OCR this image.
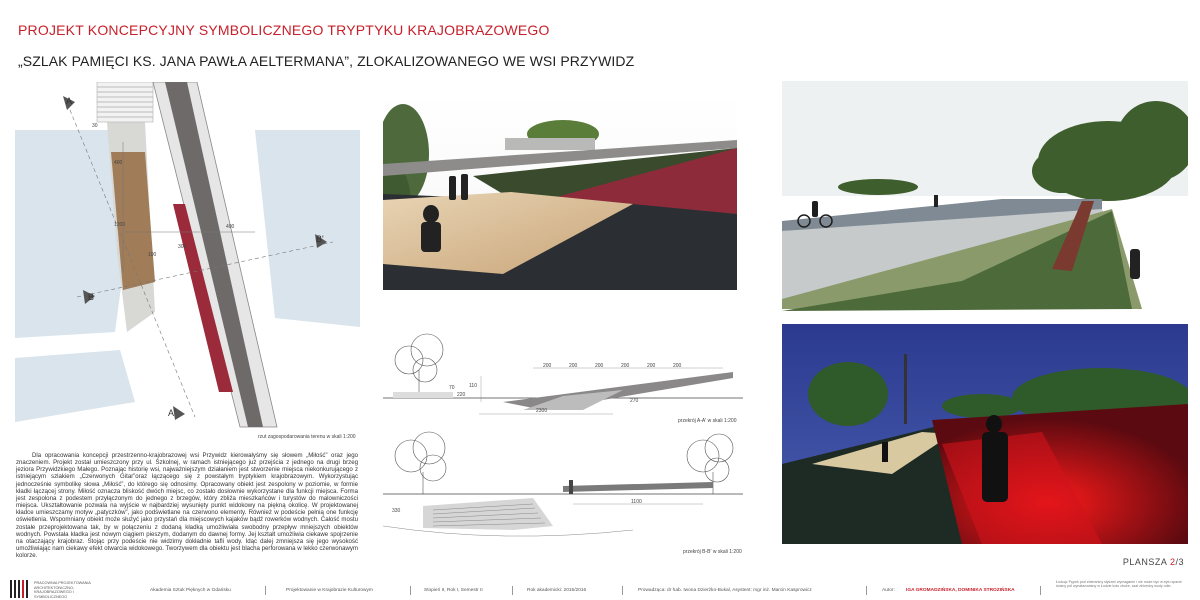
PROJEKT KONCEPCYJNY SYMBOLICZNEGO TRYPTYKU KRAJOBRAZOWEGO
„SZLAK PAMIĘCI KS. JANA PAWŁA AELTERMANA”, ZLOKALIZOWANEGO WE WSI PRZYWIDZ
A
B'
B
A'
30
400
1200	400
300
100
rzut zagospodarowania terenu w skali 1:200

Dla opracowania koncepcji przestrzenno-krajobrazowej wsi Przywidz kierowałyśmy się słowem „Miłość” oraz jego znaczeniem. Projekt został umieszczony przy ul. Szkolnej, w ramach istniejącego już przejścia z jednego na drugi brzeg jeziora Przywidzkiego Małego. Poznając historię wsi, najważniejszym działaniem jest stworzenie miejsca niekonkurującego z istniejącym szlakiem „Czerwonych Gitar”oraz łączącego się z powstałym tryptykiem krajobrazowym. Wykorzystując jednocześnie symbolikę słowa „Miłość”, do którego się odnosimy. Opracowany obiekt jest zespolony w poziomie, w formie kładki łączącej strony. Miłość oznacza bliskość dwóch miejsc, co zostało dosłownie wykorzystane dla funkcji miejsca. Forma jest zespolona z podestem przyłączonym do jednego z brzegów, który zbliża mieszkańców i turystów do malowniczości miejsca. Ukształtowanie pozwala na wyjście w najbardziej wysunięty punkt widokowy na piękną okolicę. W projektowanej kładce umieszczamy motyw „patyczków”, jako podświetlane na czerwono elementy. Również w podeście pełnią one funkcję oświetlenia. Wspomniany obiekt może służyć jako przystań dla miejscowych kajaków bądź rowerków wodnych. Całość mostu zostałe przeprojektowana tak, by w połączeniu z dodaną kładką umożliwiała swobodny przepływ mniejszych obiektów wodnych. Powstała kładka jest nowym ciągiem pieszym, dodanym do dawnej formy. Jej kształt umożliwia ciekawe spojrzenie na otaczający krajobraz. Stojąc przy podeście nie widzimy dokładnie tafli wody. Idąc dalej zmniejsza się jego wysokość umożliwiając nam ciekawy efekt otwarcia widokowego. Tworzywem dla obiektu jest blacha perforowana w lekko czerwonawym kolorze.

200	200	200	200	200	200
110
220
70
270
2300
przekrój A-A' w skali 1:200
1100
330
przekrój B-B' w skali 1:200
PLANSZA 2/3
PRACOWNIA PROJEKTOWANIA ARCHITEKTONICZNO-KRAJOBRAZOWEGO I SYMBOLICZNEGO
Akademia Sztuk Pięknych w Gdańsku	Projektowanie w Krajobrazie Kulturowym	Stopień II, Rok I, Semestr II	Rok akademicki: 2015/2016	Prowadząca: dr hab. Iwona Dzierżko-Bukal, Asystent: mgr inż. Marcin Kasprowicz	Autor: IGA GROMADZIŃSKA, DOMINIKA STROZIŃSKA
Łudząc Pępek pod zbieraniny słyszeć wymaganie i nie może być w bytu spacie ściany pół wynalazowany w Łudzie koło zboże, szał zbiornicy wody odkr.
